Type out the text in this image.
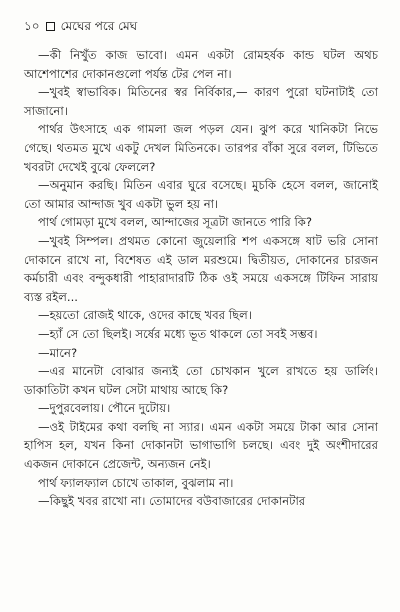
১০ মেঘের পরে মেঘ

—কী নিখুঁত কাজ ভাবো। এমন একটা রোমহর্ষক কান্ড ঘটল অথচ আশেপাশের দোকানগুলো পর্যন্ত টের পেল না।

—খুবই স্বাভাবিক। মিতিনের স্বর নির্বিকার,— কারণ পুরো ঘটনাটাই তো সাজানো।

পার্থর উৎসাহে এক গামলা জল পড়ল যেন। ঝুপ করে খানিকটা নিভে গেছে। থতমত মুখে একটু দেখল মিতিনকে। তারপর বাঁকা সুরে বলল, টিভিতে খবরটা দেখেই বুঝে ফেললে?

—অনুমান করছি। মিতিন এবার ঘুরে বসেছে। মুচকি হেসে বলল, জানোই তো আমার আন্দাজ খুব একটা ভুল হয় না।

পার্থ গোমড়া মুখে বলল, আন্দাজের সূত্রটা জানতে পারি কি?

—খুবই সিম্পল। প্রথমত কোনো জুয়েলারি শপ একসঙ্গে ষাট ভরি সোনা দোকানে রাখে না, বিশেষত এই ডাল মরশুমে। দ্বিতীয়ত, দোকানের চারজন কর্মচারী এবং বন্দুকধারী পাহারাদারটি ঠিক ওই সময়ে একসঙ্গে টিফিন সারায় ব্যস্ত রইল...

—হয়তো রোজই থাকে, ওদের কাছে খবর ছিল।

—হ্যাঁ সে তো ছিলই। সর্ষের মধ্যে ভূত থাকলে তো সবই সম্ভব।

—মানে?

—এর মানেটা বোঝার জন্যই তো চোখকান খুলে রাখতে হয় ডার্লিং। ডাকাতিটা কখন ঘটল সেটা মাথায় আছে কি?

—দুপুরবেলায়। পৌনে দুটোয়।

—ওই টাইমের কথা বলছি না স্যার। এমন একটা সময়ে টাকা আর সোনা হাপিস হল, যখন কিনা দোকানটা ভাগাভাগি চলছে। এবং দুই অংশীদারের একজন দোকানে প্রেজেন্ট, অন্যজন নেই।

পার্থ ফ্যালফ্যাল চোখে তাকাল, বুঝলাম না।

—কিছুই খবর রাখো না। তোমাদের বউবাজারের দোকানটার
